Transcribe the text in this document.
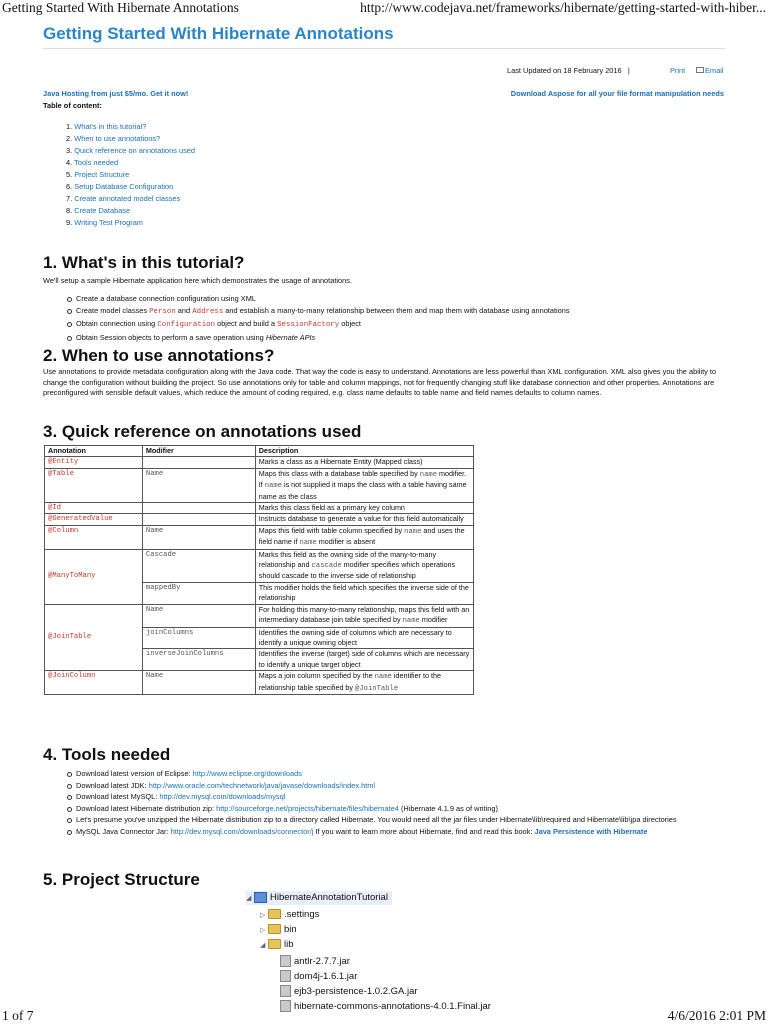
Getting Started With Hibernate Annotations	http://www.codejava.net/frameworks/hibernate/getting-started-with-hiber...
Getting Started With Hibernate Annotations
Last Updated on 18 February 2016 |	Print	Email
Java Hosting from just $5/mo. Get it now!	Download Aspose for all your file format manipulation needs
Table of content:
1. What's in this tutorial?
2. When to use annotations?
3. Quick reference on annotations used
4. Tools needed
5. Project Structure
6. Setup Database Configuration
7. Create annotated model classes
8. Create Database
9. Writing Test Program
1. What's in this tutorial?
We'll setup a sample Hibernate application here which demonstrates the usage of annotations.
Create a database connection configuration using XML
Create model classes Person and Address and establish a many-to-many relationship between them and map them with database using annotations
Obtain connection using Configuration object and build a SessionFactory object
Obtain Session objects to perform a save operation using Hibernate APIs
2. When to use annotations?
Use annotations to provide metadata configuration along with the Java code. That way the code is easy to understand. Annotations are less powerful than XML configuration. XML also gives you the ability to change the configuration without building the project. So use annotations only for table and column mappings, not for frequently changing stuff like database connection and other properties. Annotations are preconfigured with sensible default values, which reduce the amount of coding required, e.g. class name defaults to table name and field names defaults to column names.
3. Quick reference on annotations used
Annotation	Modifier	Description
@Entity		Marks a class as a Hibernate Entity (Mapped class)
@Table	Name	Maps this class with a database table specified by name modifier. If name is not supplied it maps the class with a table having same name as the class
@Id		Marks this class field as a primary key column
@GeneratedValue		Instructs database to generate a value for this field automatically
@Column	Name	Maps this field with table column specified by name and uses the field name if name modifier is absent
@ManyToMany	Cascade	Marks this field as the owning side of the many-to-many relationship and cascade modifier specifies which operations should cascade to the inverse side of relationship
	mappedBy	This modifier holds the field which specifies the inverse side of the relationship
@JoinTable	Name	For holding this many-to-many relationship, maps this field with an intermediary database join table specified by name modifier
	joinColumns	Identifies the owning side of columns which are necessary to identify a unique owning object
	inverseJoinColumns	Identifies the inverse (target) side of columns which are necessary to identify a unique target object
@JoinColumn	Name	Maps a join column specified by the name identifier to the relationship table specified by @JoinTable
4. Tools needed
Download latest version of Eclipse: http://www.eclipse.org/downloads
Download latest JDK: http://www.oracle.com/technetwork/java/javase/downloads/index.html
Download latest MySQL: http://dev.mysql.com/downloads/mysql
Download latest Hibernate distribution zip: http://sourceforge.net/projects/hibernate/files/hibernate4 (Hibernate 4.1.9 as of writing)
Let's presume you've unzipped the Hibernate distribution zip to a directory called Hibernate. You would need all the jar files under Hibernate\lib\required and Hibernate\lib\jpa directories
MySQL Java Connector Jar: http://dev.mysql.com/downloads/connector/j If you want to learn more about Hibernate, find and read this book: Java Persistence with Hibernate
5. Project Structure
◢ HibernateAnnotationTutorial
▷ .settings
▷ bin
◢ lib
antlr-2.7.7.jar
dom4j-1.6.1.jar
ejb3-persistence-1.0.2.GA.jar
hibernate-commons-annotations-4.0.1.Final.jar
1 of 7	4/6/2016 2:01 PM
